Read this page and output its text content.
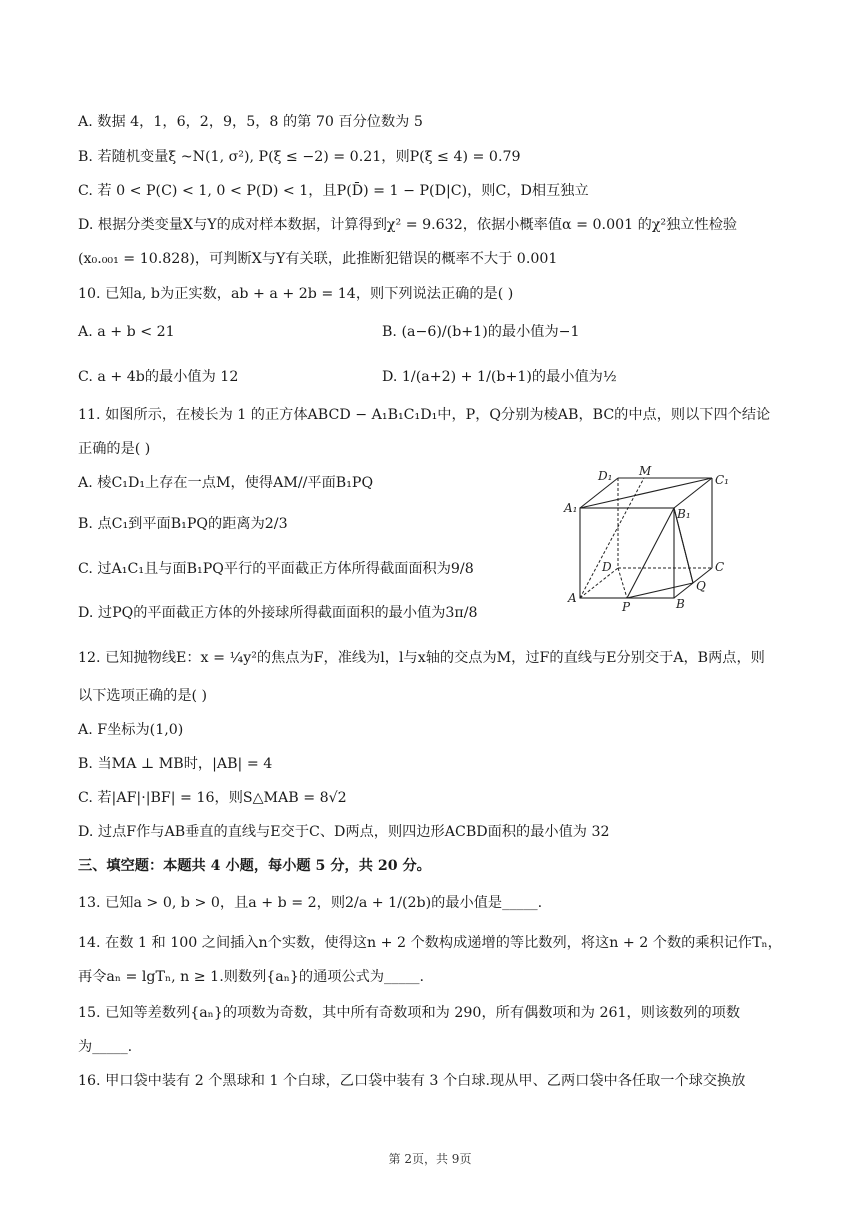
A. 数据 4，1，6，2，9，5，8 的第 70 百分位数为 5
B. 若随机变量ξ ~N(1, σ²), P(ξ ≤ −2) = 0.21，则P(ξ ≤ 4) = 0.79
C. 若 0 < P(C) < 1, 0 < P(D) < 1，且P(D̄) = 1 − P(D|C)，则C，D相互独立
D. 根据分类变量X与Y的成对样本数据，计算得到χ² = 9.632，依据小概率值α = 0.001 的χ²独立性检验
(x₀.₀₀₁ = 10.828)，可判断X与Y有关联，此推断犯错误的概率不大于 0.001
10. 已知a, b为正实数，ab + a + 2b = 14，则下列说法正确的是( )
A. a + b < 21	B. (a−6)/(b+1)的最小值为−1
C. a + 4b的最小值为 12	D. 1/(a+2) + 1/(b+1)的最小值为½
11. 如图所示，在棱长为 1 的正方体ABCD − A₁B₁C₁D₁中，P，Q分别为棱AB，BC的中点，则以下四个结论
正确的是( )
A. 棱C₁D₁上存在一点M，使得AM//平面B₁PQ
B. 点C₁到平面B₁PQ的距离为2/3
C. 过A₁C₁且与面B₁PQ平行的平面截正方体所得截面面积为9/8
D. 过PQ的平面截正方体的外接球所得截面面积的最小值为3π/8
D₁ M
C₁
A₁	B₁
D	C
A
P	B
Q
12. 已知抛物线E：x = ¼y²的焦点为F，准线为l，l与x轴的交点为M，过F的直线与E分别交于A，B两点，则
以下选项正确的是( )
A. F坐标为(1,0)
B. 当MA ⊥ MB时，|AB| = 4
C. 若|AF|·|BF| = 16，则S△MAB = 8√2
D. 过点F作与AB垂直的直线与E交于C、D两点，则四边形ACBD面积的最小值为 32
三、填空题：本题共 4 小题，每小题 5 分，共 20 分。
13. 已知a > 0, b > 0，且a + b = 2，则2/a + 1/(2b)的最小值是_____.
14. 在数 1 和 100 之间插入n个实数，使得这n + 2 个数构成递增的等比数列，将这n + 2 个数的乘积记作Tₙ，
再令aₙ = lgTₙ, n ≥ 1.则数列{aₙ}的通项公式为_____.
15. 已知等差数列{aₙ}的项数为奇数，其中所有奇数项和为 290，所有偶数项和为 261，则该数列的项数
为_____.
16. 甲口袋中装有 2 个黑球和 1 个白球，乙口袋中装有 3 个白球.现从甲、乙两口袋中各任取一个球交换放
第 2页，共 9页
